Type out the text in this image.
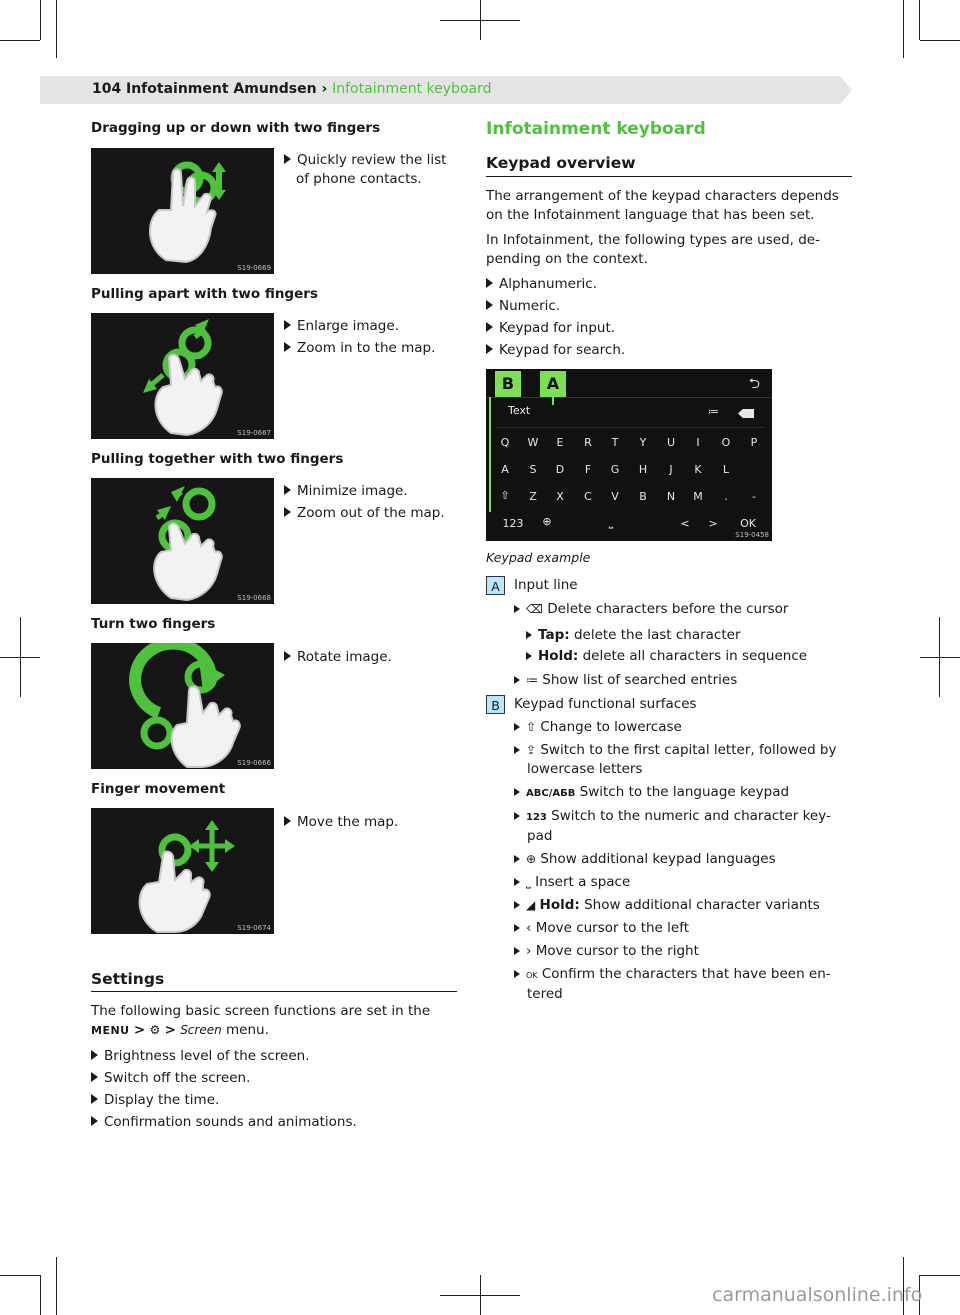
104 Infotainment Amundsen › Infotainment keyboard
Dragging up or down with two fingers
S19-0669
Quickly review the list
of phone contacts.
Pulling apart with two fingers
S19-0667
Enlarge image.
Zoom in to the map.
Pulling together with two fingers
S19-0668
Minimize image.
Zoom out of the map.
Turn two fingers
S19-0666
Rotate image.
Finger movement
S19-0674
Move the map.
Settings
The following basic screen functions are set in the
MENU > ⚙ > Screen menu.
Brightness level of the screen.
Switch off the screen.
Display the time.
Confirmation sounds and animations.
Infotainment keyboard
Keypad overview
The arrangement of the keypad characters depends
on the Infotainment language that has been set.
In Infotainment, the following types are used, de-
pending on the context.
Alphanumeric.
Numeric.
Keypad for input.
Keypad for search.
B	A	⮌
Text	≔
Q	W	E	R	T	Y	U	I	O	P
A	S	D	F	G	H	J	K	L
⇧	Z	X	C	V	B	N	M	.	-
123	⊕	⎵	<	>	OK
S19-0458
Keypad example
A	Input line
⌫ Delete characters before the cursor
Tap: delete the last character
Hold: delete all characters in sequence
≔ Show list of searched entries
B	Keypad functional surfaces
⇧ Change to lowercase
⇪ Switch to the first capital letter, followed by
lowercase letters
ABC/АБВ Switch to the language keypad
123 Switch to the numeric and character key-
pad
⊕ Show additional keypad languages
⎵ Insert a space
◢ Hold: Show additional character variants
‹ Move cursor to the left
› Move cursor to the right
OK Confirm the characters that have been en-
tered
carmanualsonline.info
